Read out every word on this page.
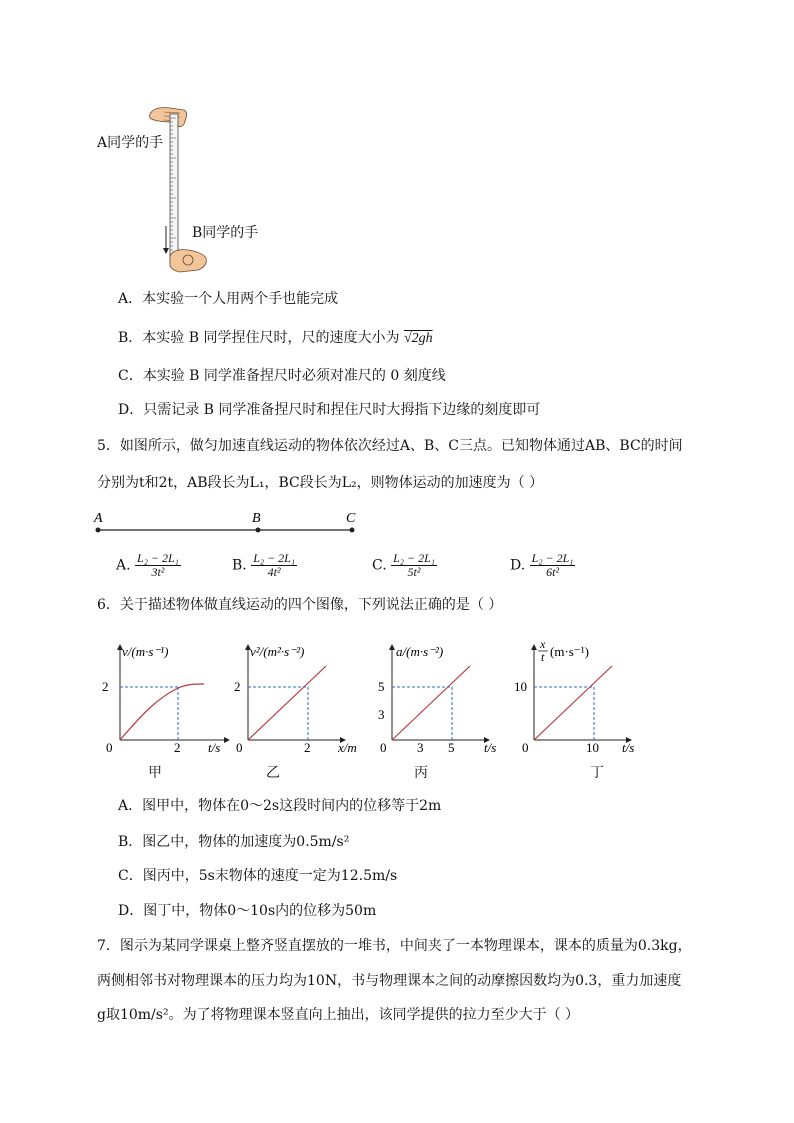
A同学的手
B同学的手
A．本实验一个人用两个手也能完成
B．本实验 B 同学捏住尺时，尺的速度大小为 √2gh
C．本实验 B 同学准备捏尺时必须对准尺的 0 刻度线
D．只需记录 B 同学准备捏尺时和捏住尺时大拇指下边缘的刻度即可
5．如图所示，做匀加速直线运动的物体依次经过A、B、C三点。已知物体通过AB、BC的时间
分别为t和2t，AB段长为L₁，BC段长为L₂，则物体运动的加速度为（ ）
A	B	C
A. $\frac{\text{L₂ − 2L₁}}{\text{3t²}}$	B. $\frac{\text{L₂ − 2L₁}}{\text{4t²}}$	C. $\frac{\text{L₂ − 2L₁}}{\text{5t²}}$	D. $\frac{\text{L₂ − 2L₁}}{\text{6t²}}$
6．关于描述物体做直线运动的四个图像，下列说法正确的是（ ）
v/(m·s⁻¹)
2
0	2 t/s
甲
v²/(m²·s⁻²)
2
0	2 x/m
乙
a/(m·s⁻²)
5
3
0 3 5 t/s
丙
x
t (m·s⁻¹)
10
0	10 t/s
丁
A．图甲中，物体在0～2s这段时间内的位移等于2m
B．图乙中，物体的加速度为0.5m/s²
C．图丙中，5s末物体的速度一定为12.5m/s
D．图丁中，物体0～10s内的位移为50m
7．图示为某同学课桌上整齐竖直摆放的一堆书，中间夹了一本物理课本，课本的质量为0.3kg，
两侧相邻书对物理课本的压力均为10N，书与物理课本之间的动摩擦因数均为0.3，重力加速度
g取10m/s²。为了将物理课本竖直向上抽出，该同学提供的拉力至少大于（ ）
